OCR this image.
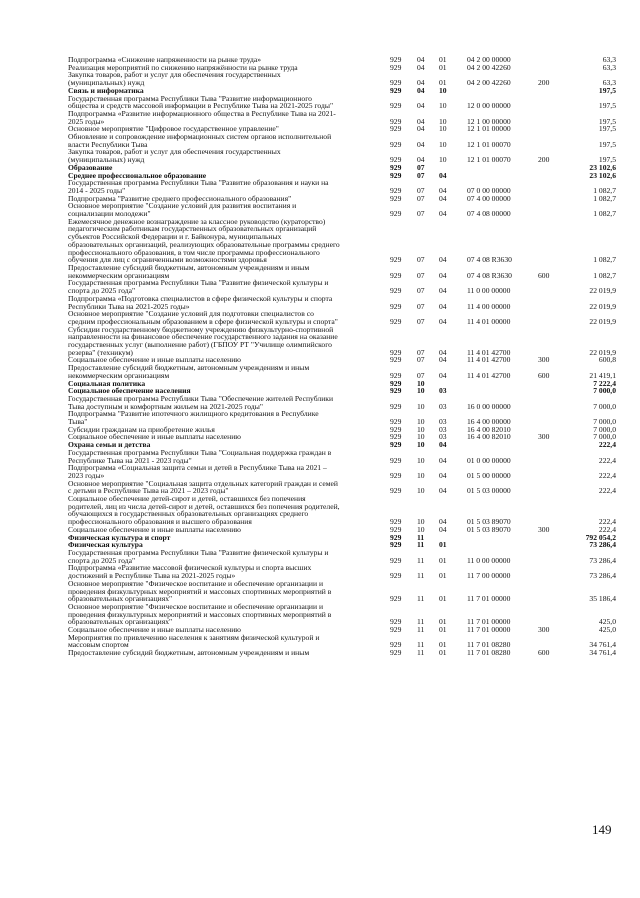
Подпрограмма «Снижение напряженности на рынке труда»	929 04 01	04 2 00 00000	63,3
Реализация мероприятий по снижению напряжённости на рынке труда	929 04 01	04 2 00 42260	63,3
Закупка товаров, работ и услуг для обеспечения государственных
(муниципальных) нужд	929 04 01	04 2 00 42260	200	63,3
Связь и информатика	929 04 10	197,5
Государственная программа Республики Тыва "Развитие информационного
общества и средств массовой информации в Республике Тыва на 2021-2025 годы"	929 04 10	12 0 00 00000	197,5
Подпрограмма «Развитие информационного общества в Республике Тыва на 2021-
2025 годы»	929 04 10	12 1 00 00000	197,5
Основное мероприятие "Цифровое государственное управление"	929 04 10	12 1 01 00000	197,5
Обновление и сопровождение информационных систем органов исполнительной
власти Республики Тыва	929 04 10	12 1 01 00070	197,5
Закупка товаров, работ и услуг для обеспечения государственных
(муниципальных) нужд	929 04 10	12 1 01 00070	200	197,5
Образование	929 07	23 102,6
Среднее профессиональное образование	929 07 04	23 102,6
Государственная программа Республики Тыва "Развитие образования и науки на
2014 - 2025 годы"	929 07 04	07 0 00 00000	1 082,7
Подпрограмма "Развитие среднего профессионального образования"	929 07 04	07 4 00 00000	1 082,7
Основное мероприятие "Создание условий для развития воспитания и
социализации молодежи"	929 07 04	07 4 08 00000	1 082,7
Ежемесячное денежное вознаграждение за классное руководство (кураторство)
педагогическим работникам государственных образовательных организаций
субъектов Российской Федерации и г. Байконура, муниципальных
образовательных организаций, реализующих образовательные программы среднего
профессионального образования, в том числе программы профессионального
обучения для лиц с ограниченными возможностями здоровья	929 07 04	07 4 08 R3630	1 082,7
Предоставление субсидий бюджетным, автономным учреждениям и иным
некоммерческим организациям	929 07 04	07 4 08 R3630	600	1 082,7
Государственная программа Республики Тыва "Развитие физической культуры и
спорта до 2025 года"	929 07 04	11 0 00 00000	22 019,9
Подпрограмма «Подготовка специалистов в сфере физической культуры и спорта
Республики Тыва на 2021-2025 годы»	929 07 04	11 4 00 00000	22 019,9
Основное мероприятие "Создание условий для подготовки специалистов со
средним профессиональным образованием в сфере физической культуры и спорта"	929 07 04	11 4 01 00000	22 019,9
Субсидии государственному бюджетному учреждению физкультурно-спортивной
направленности на финансовое обеспечение государственного задания на оказание
государственных услуг (выполнение работ) (ГБПОУ РТ "Училище олимпийского
резерва" (техникум)	929 07 04	11 4 01 42700	22 019,9
Социальное обеспечение и иные выплаты населению	929 07 04	11 4 01 42700	300	600,8
Предоставление субсидий бюджетным, автономным учреждениям и иным
некоммерческим организациям	929 07 04	11 4 01 42700	600	21 419,1
Социальная политика	929 10	7 222,4
Социальное обеспечение населения	929 10 03	7 000,0
Государственная программа Республики Тыва "Обеспечение жителей Республики
Тыва доступным и комфортным жильем на 2021-2025 годы"	929 10 03	16 0 00 00000	7 000,0
Подпрограмма "Развитие ипотечного жилищного кредитования в Республике
Тыва"	929 10 03	16 4 00 00000	7 000,0
Субсидии гражданам на приобретение жилья	929 10 03	16 4 00 82010	7 000,0
Социальное обеспечение и иные выплаты населению	929 10 03	16 4 00 82010	300	7 000,0
Охрана семьи и детства	929 10 04	222,4
Государственная программа Республики Тыва "Социальная поддержка граждан в
Республике Тыва на 2021 - 2023 годы"	929 10 04	01 0 00 00000	222,4
Подпрограмма «Социальная защита семьи и детей в Республике Тыва на 2021 –
2023 годы»	929 10 04	01 5 00 00000	222,4
Основное мероприятие "Социальная защита отдельных категорий граждан и семей
с детьми в Республике Тыва на 2021 – 2023 годы"	929 10 04	01 5 03 00000	222,4
Социальное обеспечение детей-сирот и детей, оставшихся без попечения
родителей, лиц из числа детей-сирот и детей, оставшихся без попечения родителей,
обучающихся в государственных образовательных организациях среднего
профессионального образования и высшего образования	929 10 04	01 5 03 89070	222,4
Социальное обеспечение и иные выплаты населению	929 10 04	01 5 03 89070	300	222,4
Физическая культура и спорт	929 11	792 054,2
Физическая культура	929 11 01	73 286,4
Государственная программа Республики Тыва "Развитие физической культуры и
спорта до 2025 года"	929 11 01	11 0 00 00000	73 286,4
Подпрограмма «Развитие массовой физической культуры и спорта высших
достижений в Республике Тыва на 2021-2025 годы»	929 11 01	11 7 00 00000	73 286,4
Основное мероприятие "Физическое воспитание и обеспечение организации и
проведения физкультурных мероприятий и массовых спортивных мероприятий в
образовательных организациях"	929 11 01	11 7 01 00000	35 186,4
Основное мероприятие "Физическое воспитание и обеспечение организации и
проведения физкультурных мероприятий и массовых спортивных мероприятий в
образовательных организациях"	929 11 01	11 7 01 00000	425,0
Социальное обеспечение и иные выплаты населению	929 11 01	11 7 01 00000	300	425,0
Мероприятия по привлечению населения к занятиям физической культурой и
массовым спортом	929 11 01	11 7 01 08280	34 761,4
Предоставление субсидий бюджетным, автономным учреждениям и иным	929 11 01	11 7 01 08280	600	34 761,4
149
